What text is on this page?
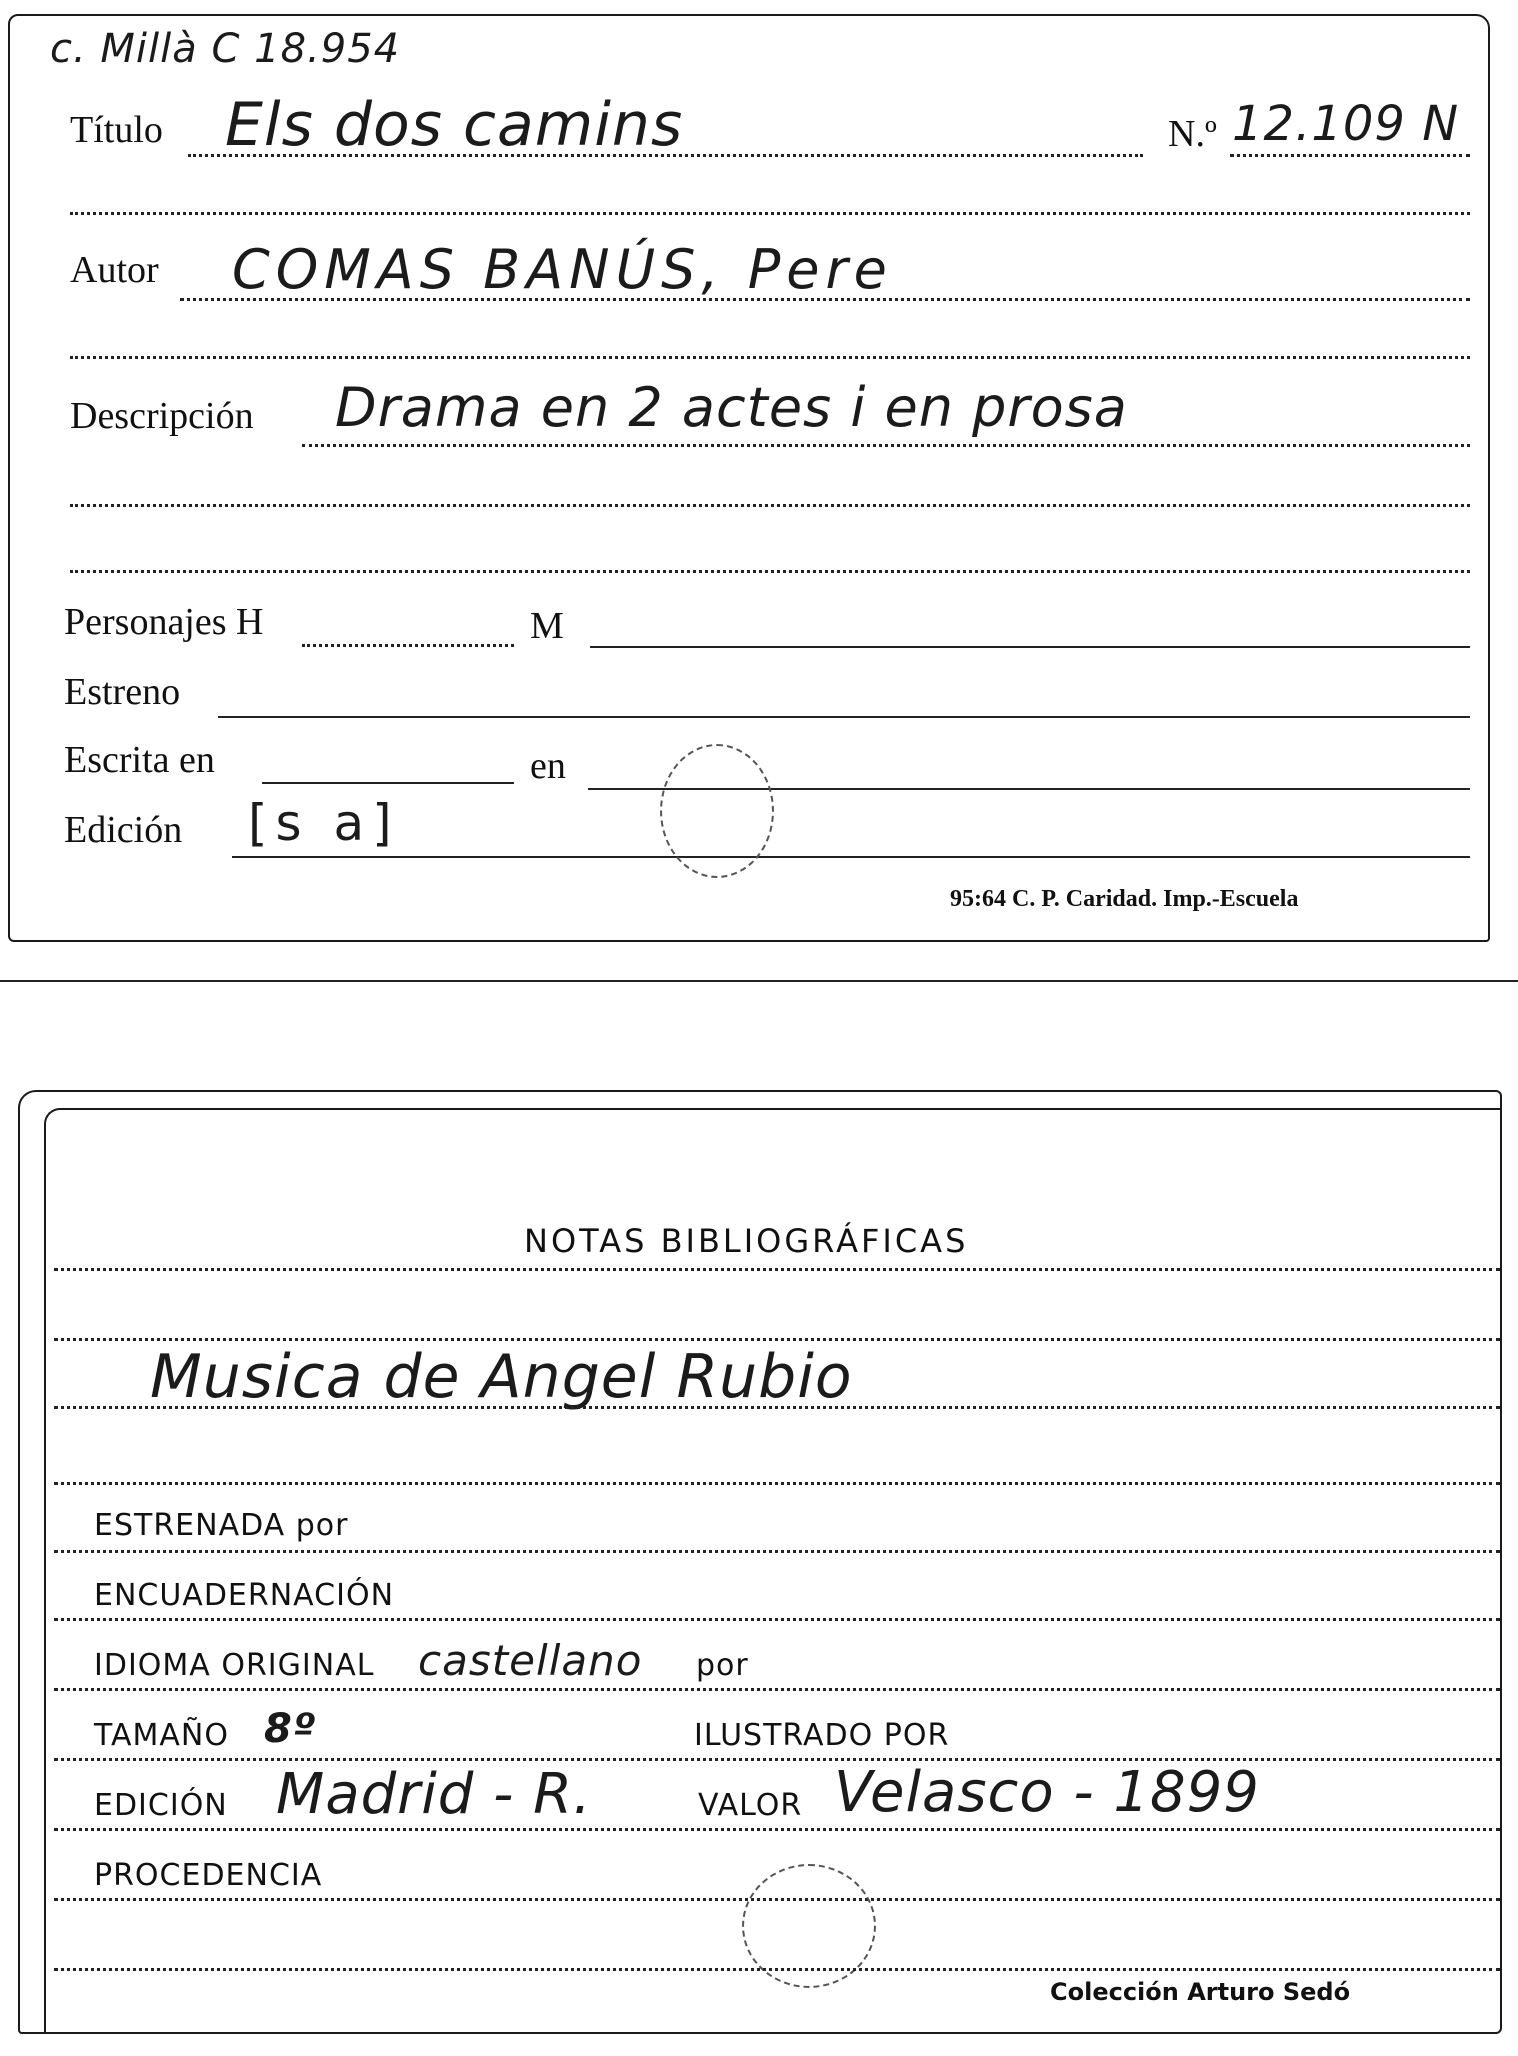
c. Millà C 18.954
Título Els dos camins	N.º 12.109 N
Autor COMAS BANÚS, Pere
Descripción Drama en 2 actes i en prosa
Personajes H	M
Estreno
Escrita en	en
Edición [s a]
95:64 C. P. Caridad. Imp.-Escuela
NOTAS BIBLIOGRÁFICAS
Musica de Angel Rubio
ESTRENADA por
ENCUADERNACIÓN
IDIOMA ORIGINAL castellano por
TAMAÑO 8º	ILUSTRADO POR
EDICIÓN Madrid - R.	VALOR Velasco - 1899
PROCEDENCIA
Colección Arturo Sedó
